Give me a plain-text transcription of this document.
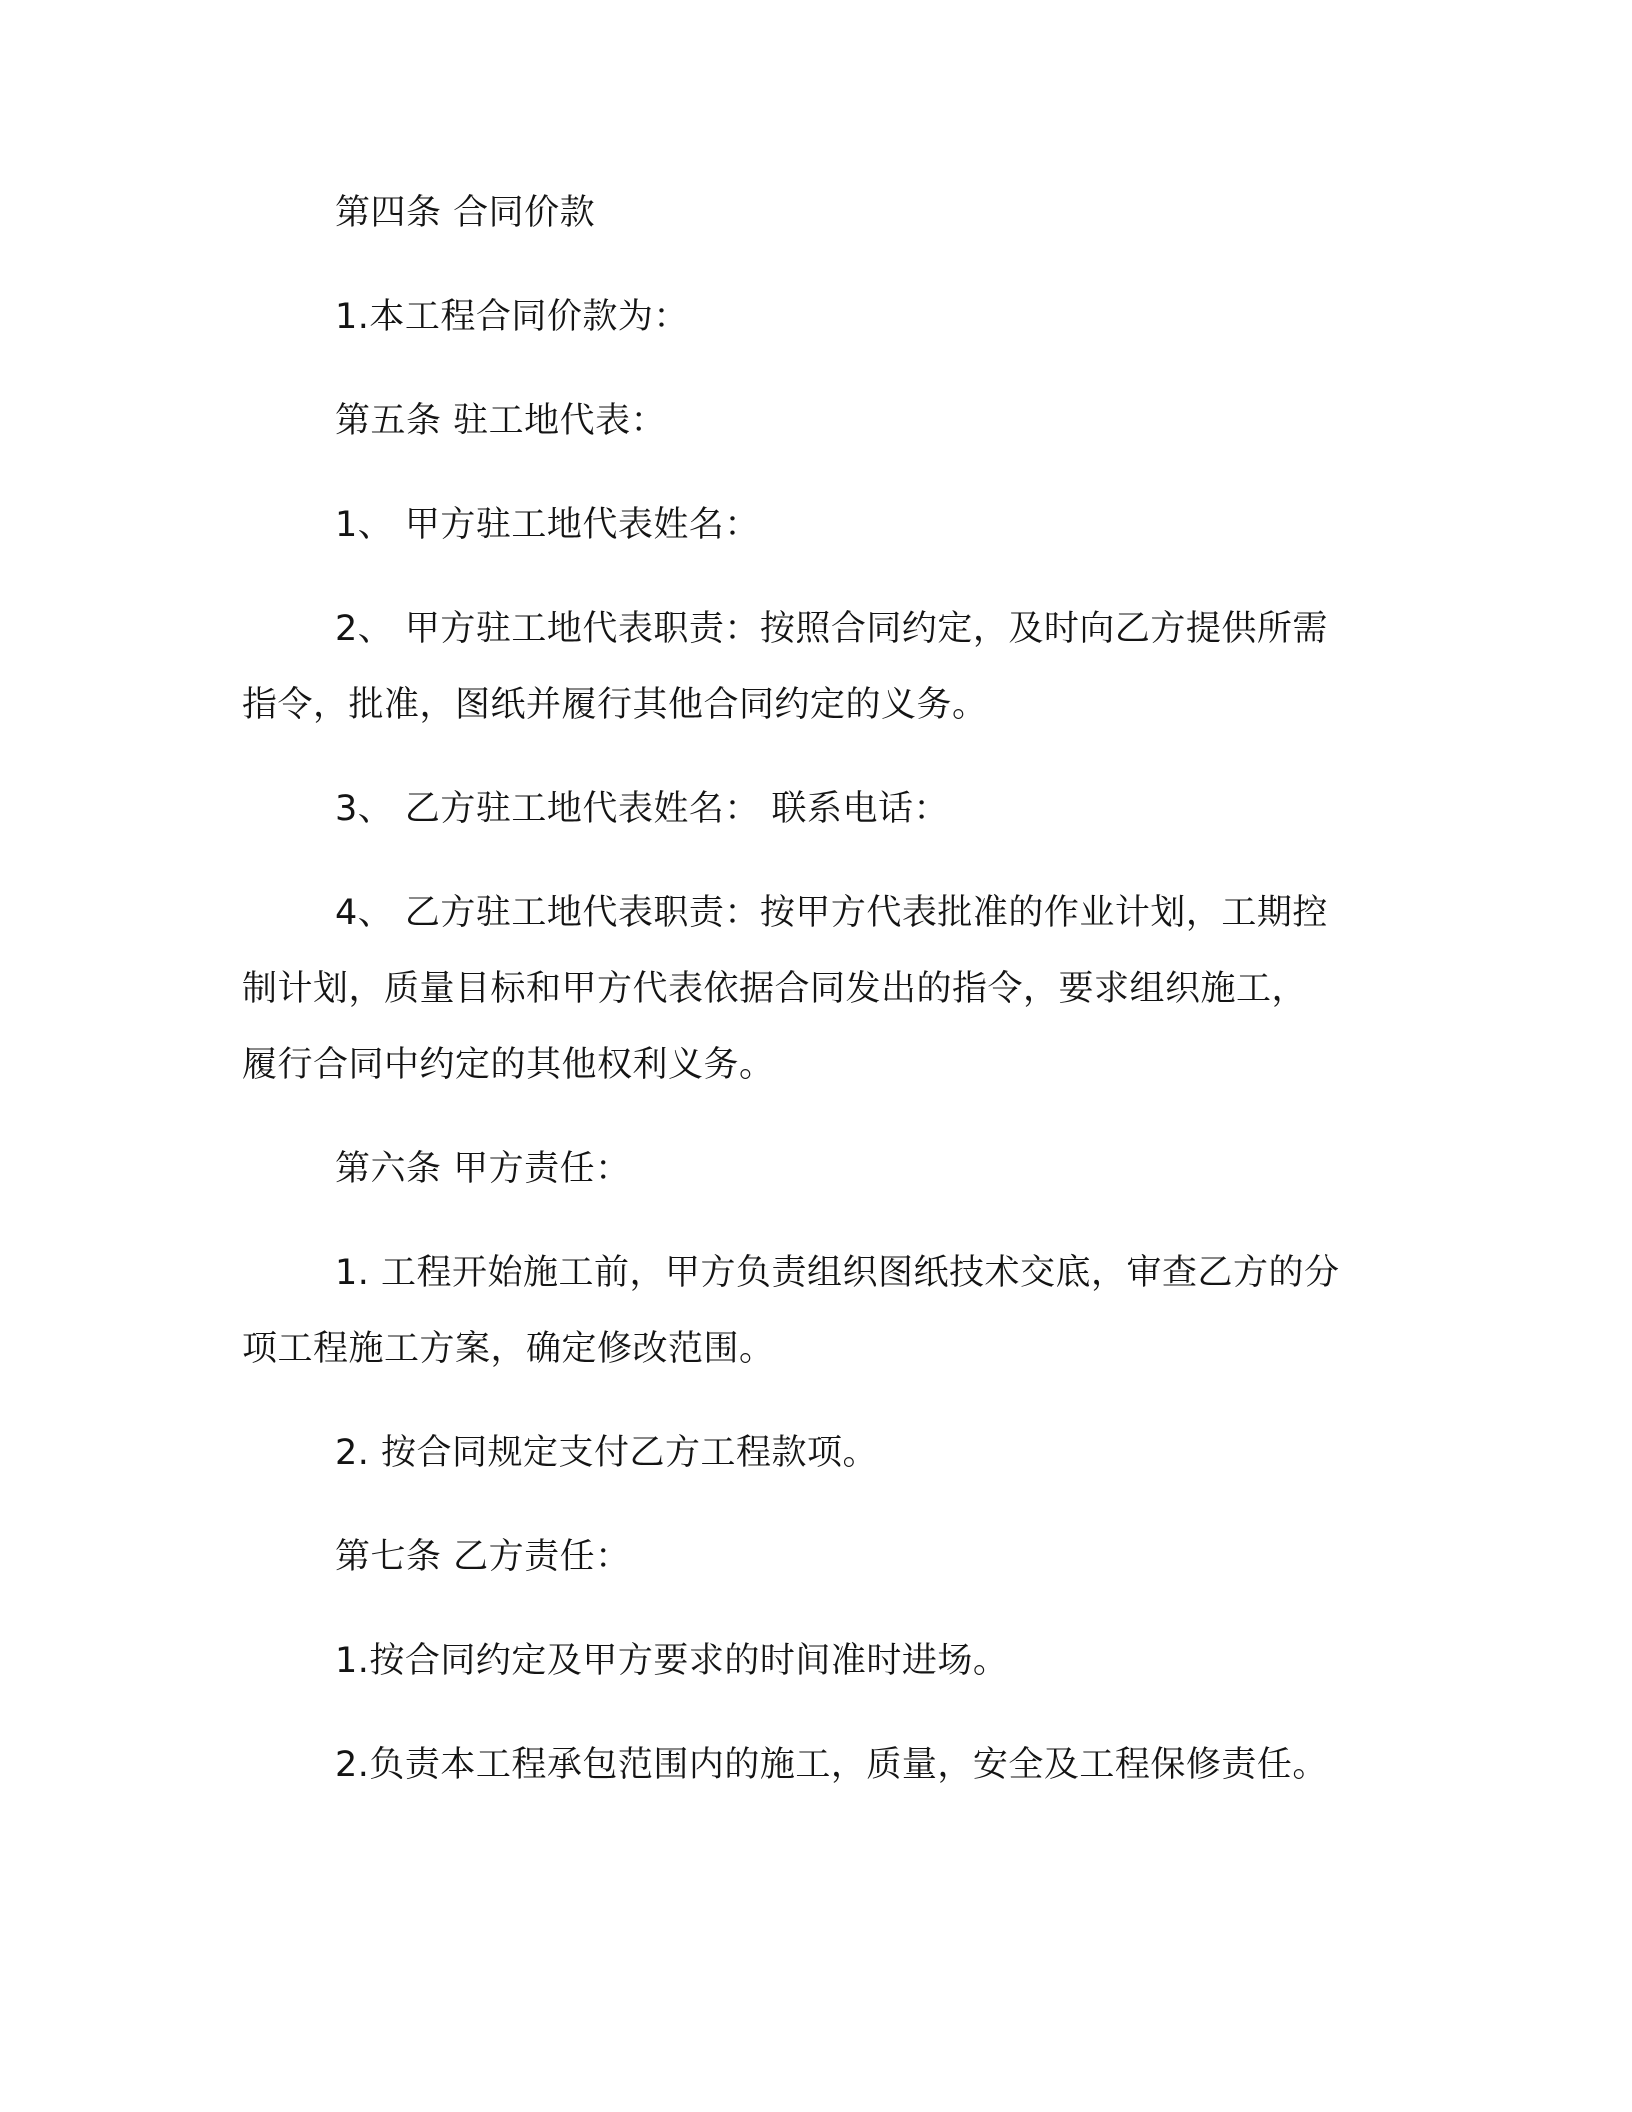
第四条 合同价款
1.本工程合同价款为：
第五条 驻工地代表：
1、 甲方驻工地代表姓名：
2、 甲方驻工地代表职责：按照合同约定，及时向乙方提供所需
指令，批准，图纸并履行其他合同约定的义务。
3、 乙方驻工地代表姓名： 联系电话：
4、 乙方驻工地代表职责：按甲方代表批准的作业计划，工期控
制计划，质量目标和甲方代表依据合同发出的指令，要求组织施工，
履行合同中约定的其他权利义务。
第六条 甲方责任：
1. 工程开始施工前，甲方负责组织图纸技术交底，审查乙方的分
项工程施工方案，确定修改范围。
2. 按合同规定支付乙方工程款项。
第七条 乙方责任：
1.按合同约定及甲方要求的时间准时进场。
2.负责本工程承包范围内的施工，质量，安全及工程保修责任。
